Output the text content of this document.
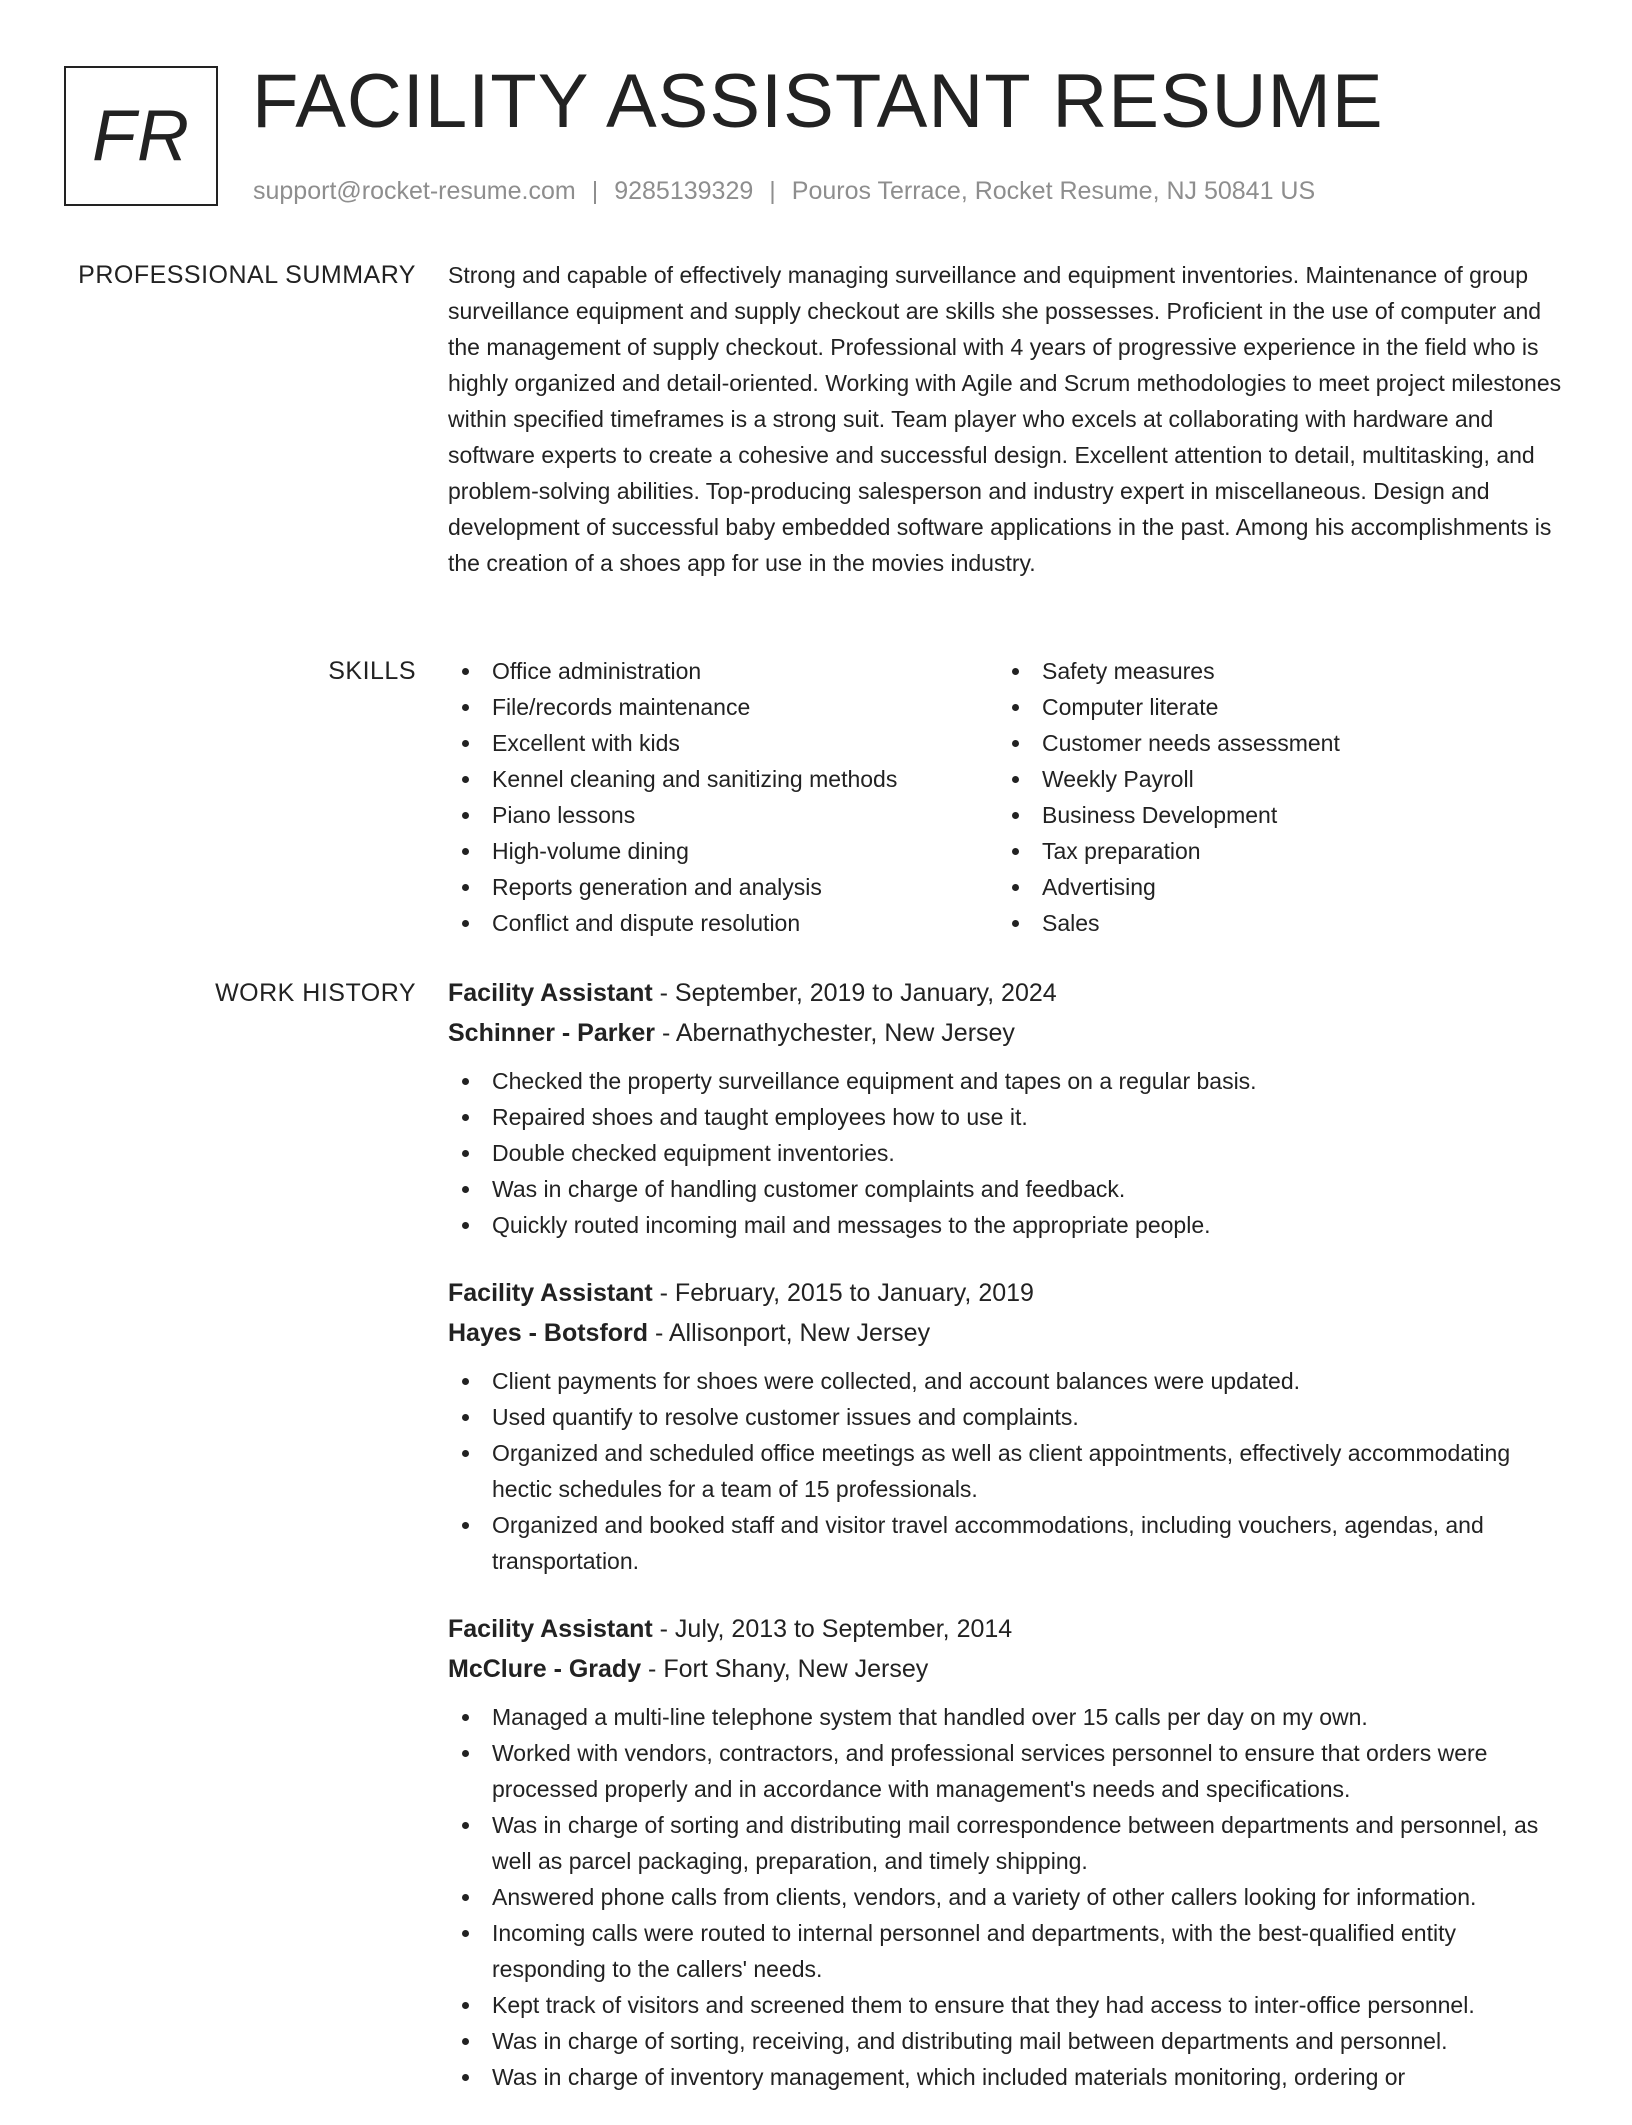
FR FACILITY ASSISTANT RESUME
support@rocket-resume.com | 9285139329 | Pouros Terrace, Rocket Resume, NJ 50841 US
PROFESSIONAL SUMMARY Strong and capable of effectively managing surveillance and equipment inventories. Maintenance of group surveillance equipment and supply checkout are skills she possesses. Proficient in the use of computer and the management of supply checkout. Professional with 4 years of progressive experience in the field who is highly organized and detail-oriented. Working with Agile and Scrum methodologies to meet project milestones within specified timeframes is a strong suit. Team player who excels at collaborating with hardware and software experts to create a cohesive and successful design. Excellent attention to detail, multitasking, and problem-solving abilities. Top-producing salesperson and industry expert in miscellaneous. Design and development of successful baby embedded software applications in the past. Among his accomplishments is the creation of a shoes app for use in the movies industry.

SKILLS	Office administration
File/records maintenance
Excellent with kids
Kennel cleaning and sanitizing methods
Piano lessons
High-volume dining
Reports generation and analysis
Conflict and dispute resolution
Safety measures
Computer literate
Customer needs assessment
Weekly Payroll
Business Development
Tax preparation
Advertising
Sales
WORK HISTORY Facility Assistant - September, 2019 to January, 2024
Schinner - Parker - Abernathychester, New Jersey
Checked the property surveillance equipment and tapes on a regular basis.
Repaired shoes and taught employees how to use it.
Double checked equipment inventories.
Was in charge of handling customer complaints and feedback.
Quickly routed incoming mail and messages to the appropriate people.
Facility Assistant - February, 2015 to January, 2019
Hayes - Botsford - Allisonport, New Jersey
Client payments for shoes were collected, and account balances were updated.
Used quantify to resolve customer issues and complaints.
Organized and scheduled office meetings as well as client appointments, effectively accommodating hectic schedules for a team of 15 professionals.
Organized and booked staff and visitor travel accommodations, including vouchers, agendas, and transportation.
Facility Assistant - July, 2013 to September, 2014
McClure - Grady - Fort Shany, New Jersey
Managed a multi-line telephone system that handled over 15 calls per day on my own.
Worked with vendors, contractors, and professional services personnel to ensure that orders were processed properly and in accordance with management's needs and specifications.
Was in charge of sorting and distributing mail correspondence between departments and personnel, as well as parcel packaging, preparation, and timely shipping.
Answered phone calls from clients, vendors, and a variety of other callers looking for information.
Incoming calls were routed to internal personnel and departments, with the best-qualified entity responding to the callers' needs.
Kept track of visitors and screened them to ensure that they had access to inter-office personnel.
Was in charge of sorting, receiving, and distributing mail between departments and personnel.
Was in charge of inventory management, which included materials monitoring, ordering or
